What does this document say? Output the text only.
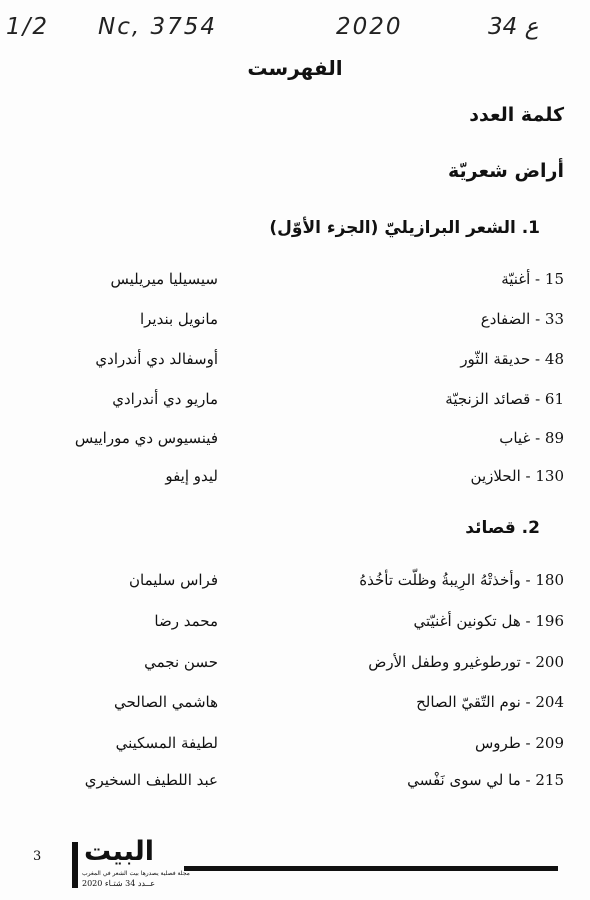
1/2 Nc, 3754	2020	34 ع
الفهرست
كلمة العدد
أراض شعريّة
1. الشعر البرازيليّ (الجزء الأوّل)
15 - أغنيّة
سيسيليا ميريليس
33 - الضفادع
مانويل بنديرا
48 - حديقة الثّور
أوسفالد دي أندرادي
61 - قصائد الزنجيّة
ماريو دي أندرادي
89 - غياب
فينسيوس دي موراييس
130 - الحلازين
ليدو إيفو
2. قصائد
180 - وأخذتْهُ الرِيبةُ وظلّت تأخُذهُ
فراس سليمان
196 - هل تكونين أغنيّتي
محمد رضا
200 - تورطوغيرو وطفل الأرض
حسن نجمي
204 - نوم التّقيّ الصالح
هاشمي الصالحي
209 - طروس
لطيفة المسكيني
215 - ما لي سوى نَفْسي
عبد اللطيف السخيري
3 البيت
مجلة فصلية يصدرها بيت الشعر في المغرب
عــدد 34 شتـاء 2020
